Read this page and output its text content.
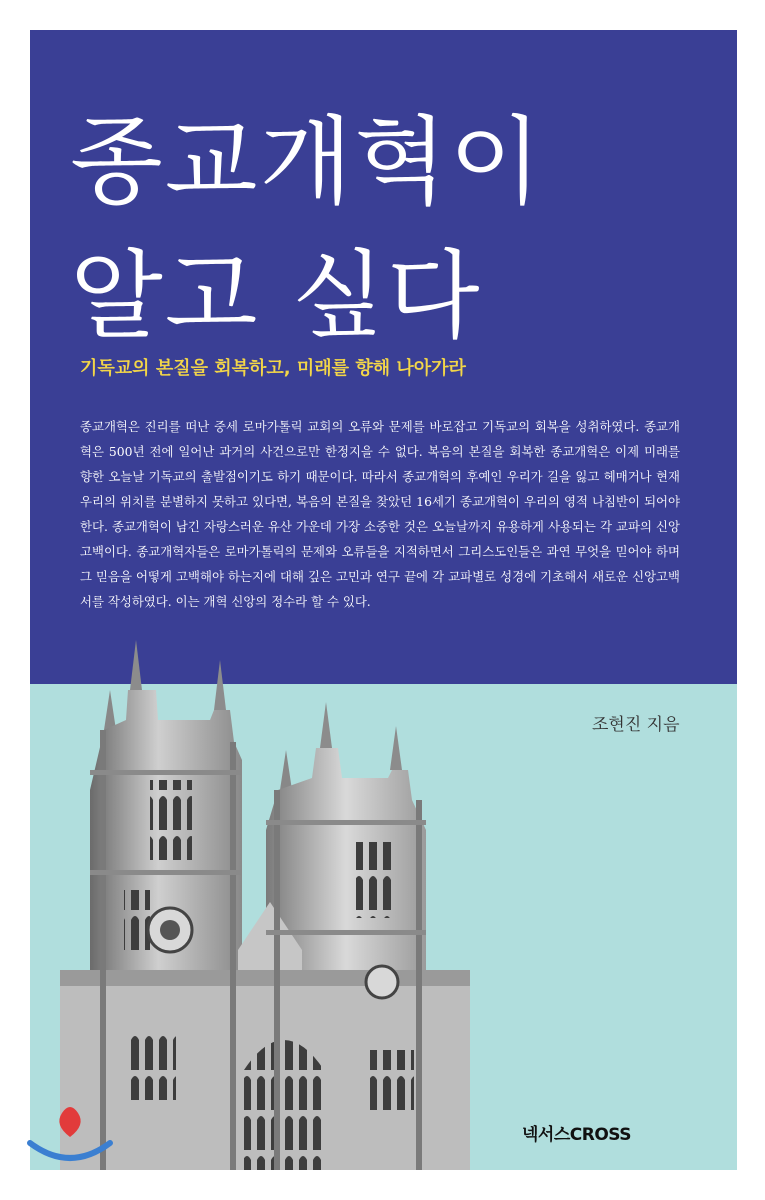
종교개혁이
알고 싶다
기독교의 본질을 회복하고, 미래를 향해 나아가라
종교개혁은 진리를 떠난 중세 로마가톨릭 교회의 오류와 문제를 바로잡고 기독교의 회복을 성취하였다. 종교개혁은 500년 전에 일어난 과거의 사건으로만 한정지을 수 없다. 복음의 본질을 회복한 종교개혁은 이제 미래를 향한 오늘날 기독교의 출발점이기도 하기 때문이다. 따라서 종교개혁의 후예인 우리가 길을 잃고 헤매거나 현재 우리의 위치를 분별하지 못하고 있다면, 복음의 본질을 찾았던 16세기 종교개혁이 우리의 영적 나침반이 되어야 한다. 종교개혁이 남긴 자랑스러운 유산 가운데 가장 소중한 것은 오늘날까지 유용하게 사용되는 각 교파의 신앙고백이다. 종교개혁자들은 로마가톨릭의 문제와 오류들을 지적하면서 그리스도인들은 과연 무엇을 믿어야 하며 그 믿음을 어떻게 고백해야 하는지에 대해 깊은 고민과 연구 끝에 각 교파별로 성경에 기초해서 새로운 신앙고백서를 작성하였다. 이는 개혁 신앙의 정수라 할 수 있다.
조현진 지음
넥서스CROSS
